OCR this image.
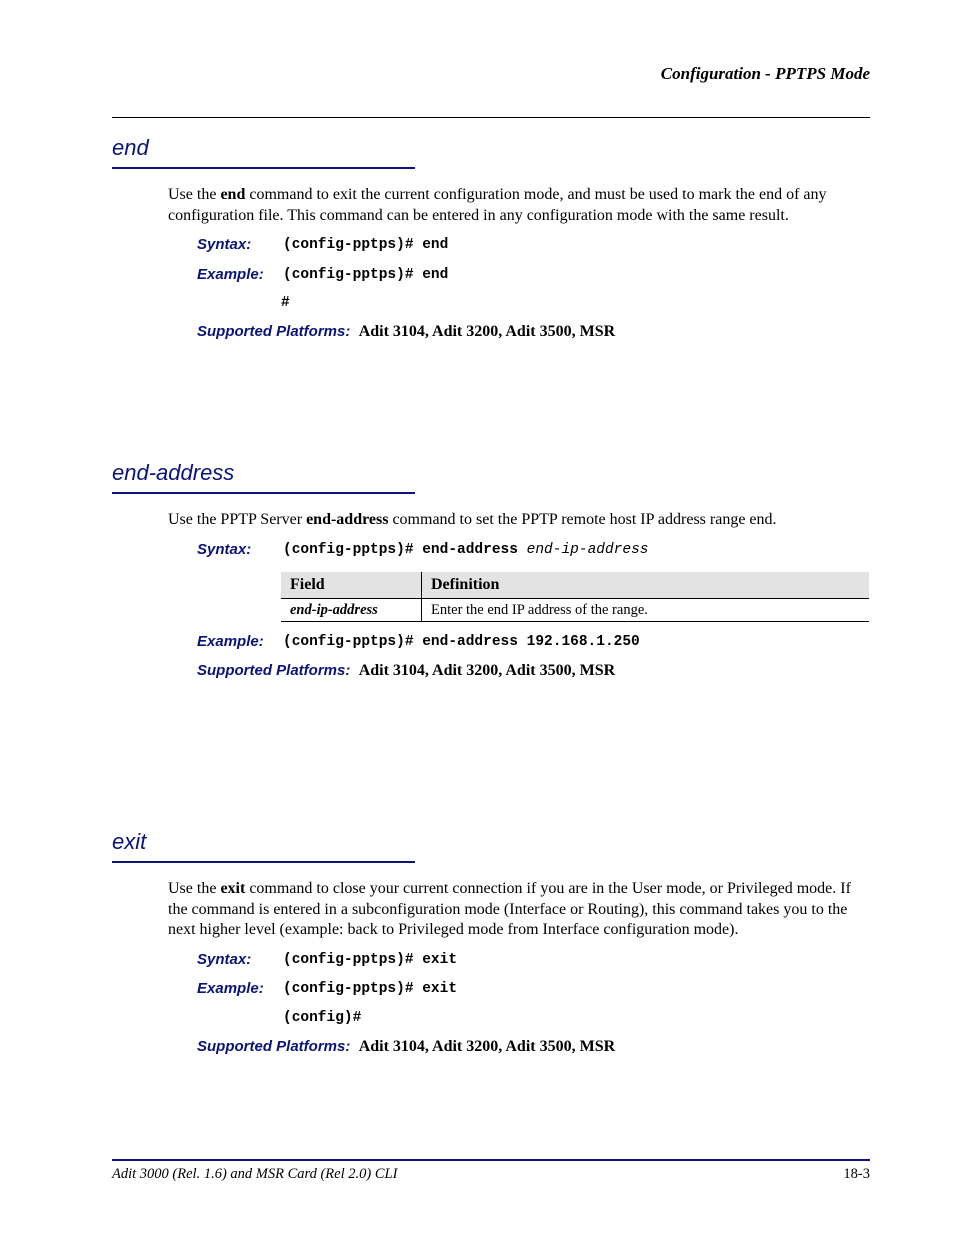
Configuration - PPTPS Mode
end
Use the end command to exit the current configuration mode, and must be used to mark the end of any configuration file. This command can be entered in any configuration mode with the same result.
Syntax: (config-pptps)# end
Example: (config-pptps)# end
#
Supported Platforms: Adit 3104, Adit 3200, Adit 3500, MSR
end-address
Use the PPTP Server end-address command to set the PPTP remote host IP address range end.
Syntax: (config-pptps)# end-address end-ip-address
Field	Definition
end-ip-address	Enter the end IP address of the range.
Example: (config-pptps)# end-address 192.168.1.250
Supported Platforms: Adit 3104, Adit 3200, Adit 3500, MSR
exit
Use the exit command to close your current connection if you are in the User mode, or Privileged mode. If the command is entered in a subconfiguration mode (Interface or Routing), this command takes you to the next higher level (example: back to Privileged mode from Interface configuration mode).
Syntax: (config-pptps)# exit
Example: (config-pptps)# exit
(config)#
Supported Platforms: Adit 3104, Adit 3200, Adit 3500, MSR
Adit 3000 (Rel. 1.6) and MSR Card (Rel 2.0) CLI	18-3
